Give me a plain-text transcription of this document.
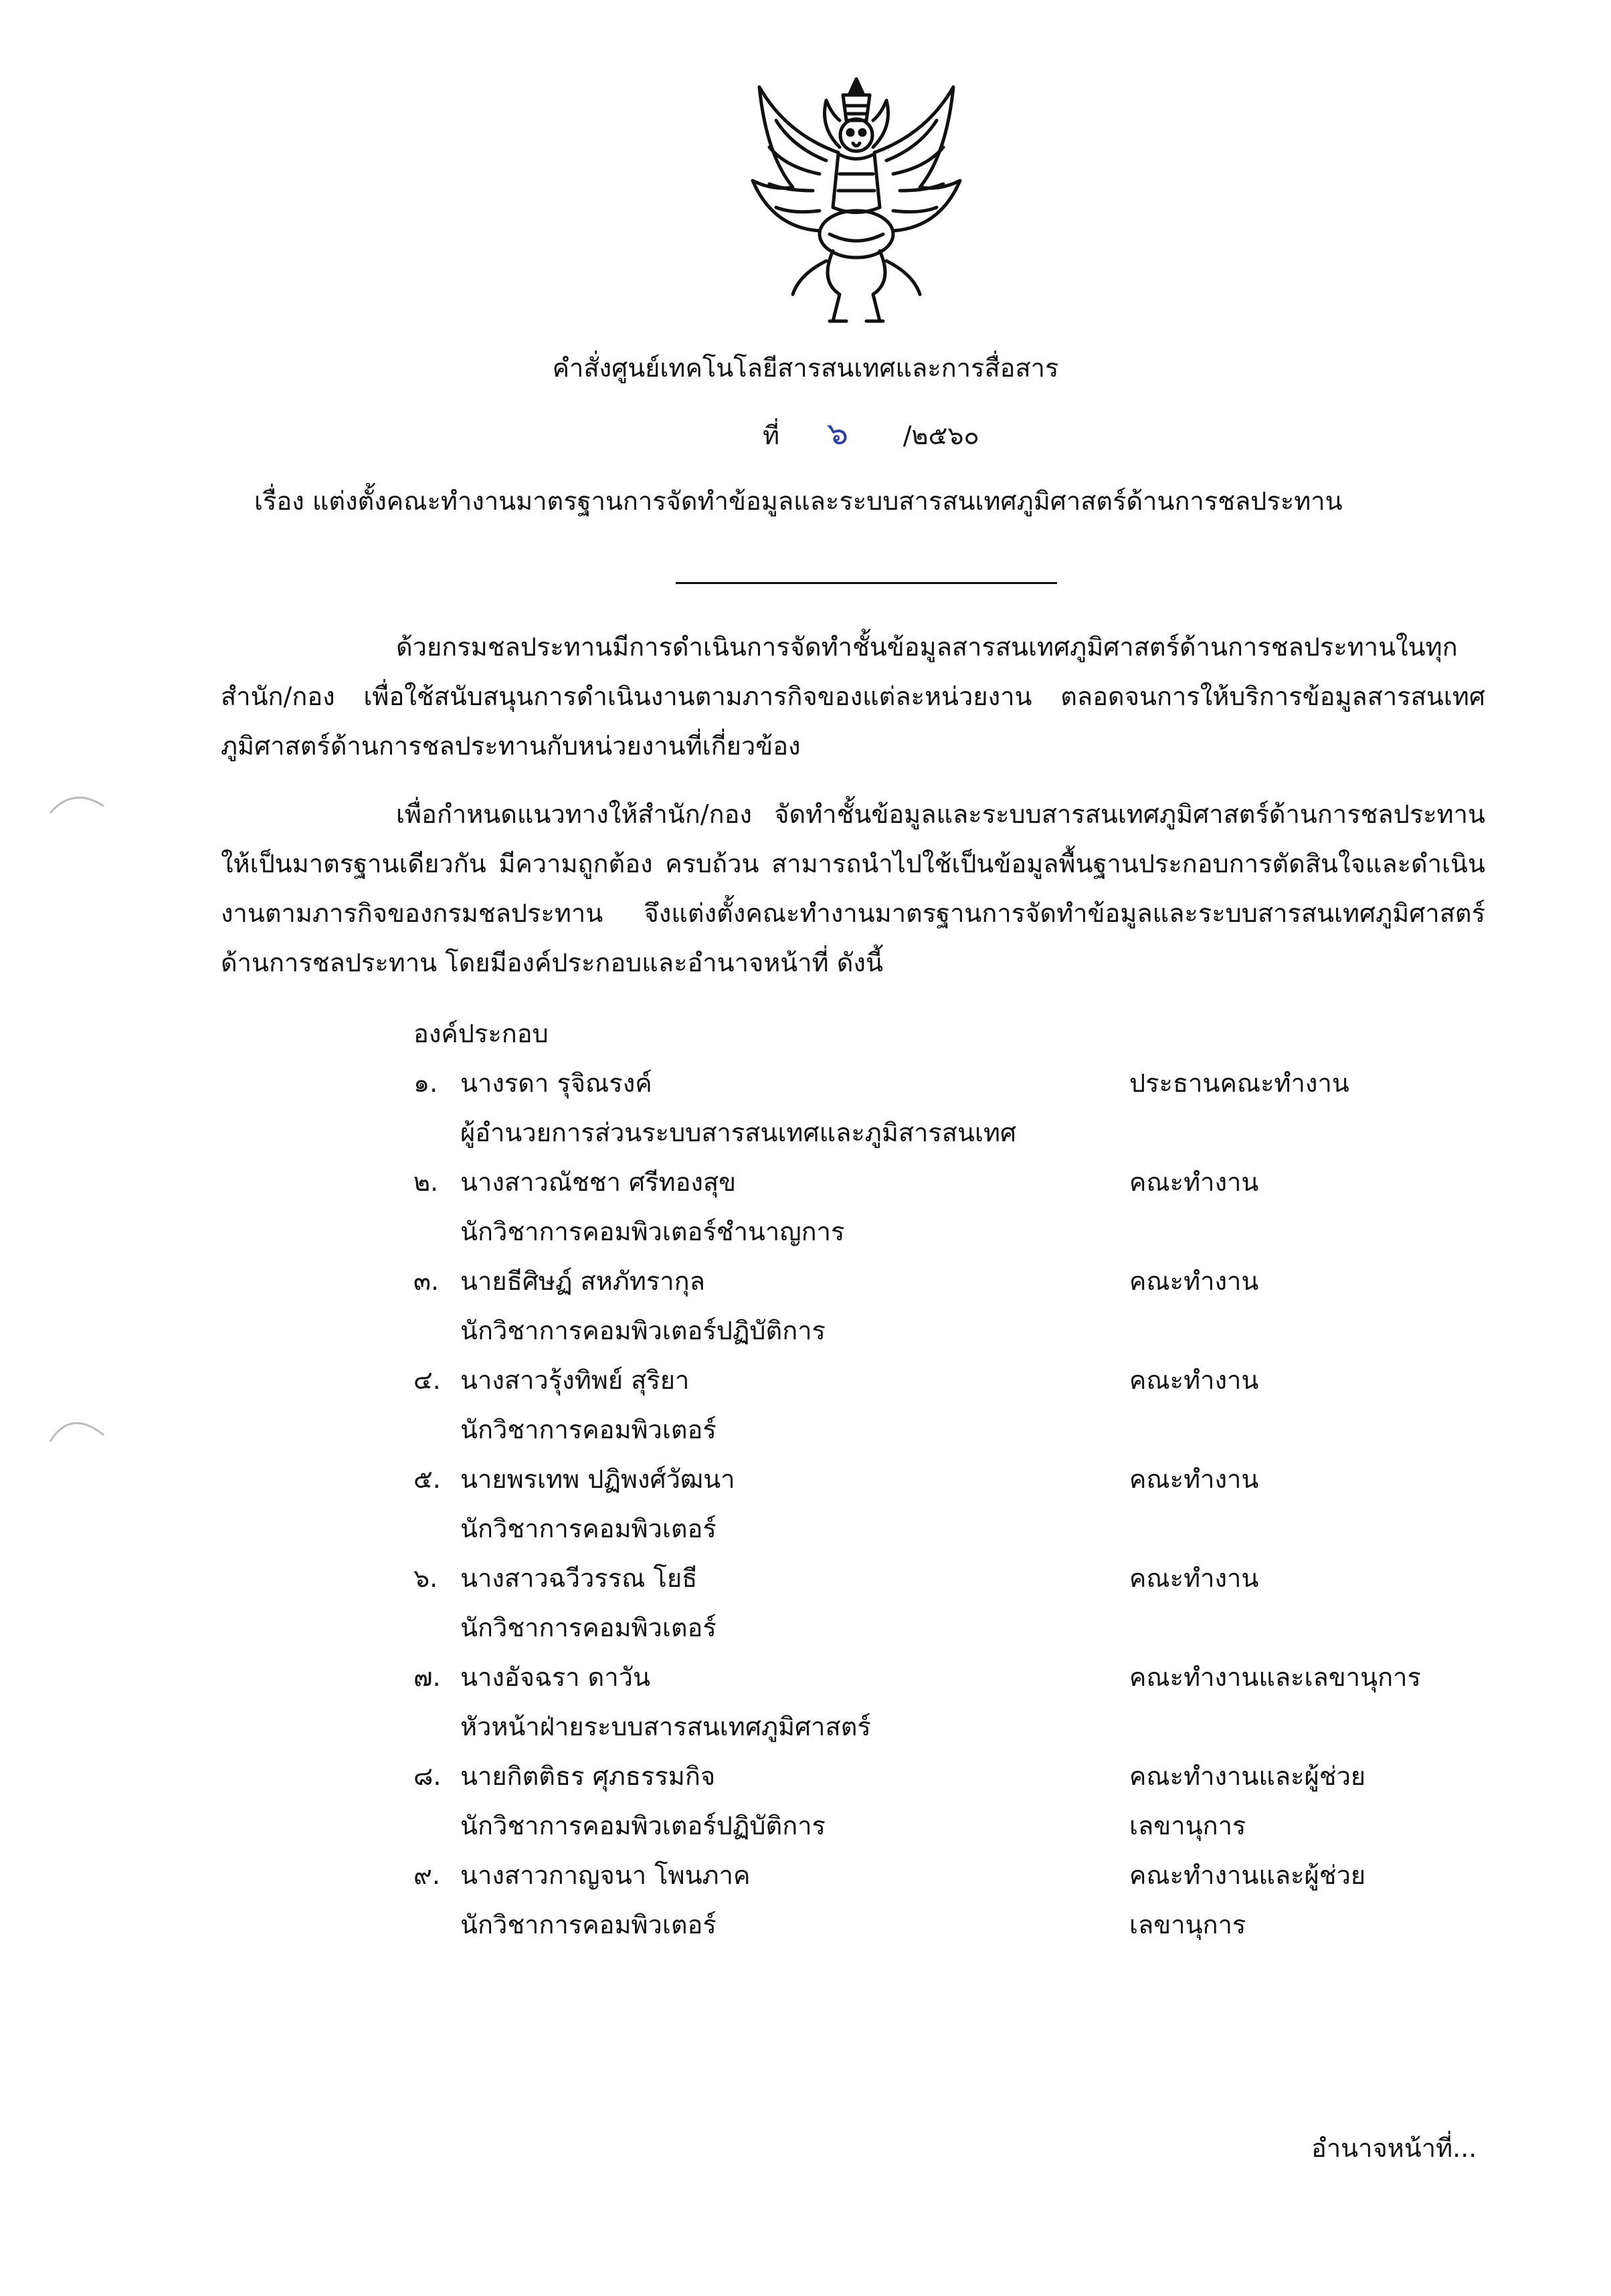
คำสั่งศูนย์เทคโนโลยีสารสนเทศและการสื่อสาร
ที่ ๖ /๒๕๖๐
เรื่อง แต่งตั้งคณะทำงานมาตรฐานการจัดทำข้อมูลและระบบสารสนเทศภูมิศาสตร์ด้านการชลประทาน
ด้วยกรมชลประทานมีการดำเนินการจัดทำชั้นข้อมูลสารสนเทศภูมิศาสตร์ด้านการชลประทานในทุกสำนัก/กอง เพื่อใช้สนับสนุนการดำเนินงานตามภารกิจของแต่ละหน่วยงาน ตลอดจนการให้บริการข้อมูลสารสนเทศภูมิศาสตร์ด้านการชลประทานกับหน่วยงานที่เกี่ยวข้อง
เพื่อกำหนดแนวทางให้สำนัก/กอง จัดทำชั้นข้อมูลและระบบสารสนเทศภูมิศาสตร์ด้านการชลประทานให้เป็นมาตรฐานเดียวกัน มีความถูกต้อง ครบถ้วน สามารถนำไปใช้เป็นข้อมูลพื้นฐานประกอบการตัดสินใจและดำเนินงานตามภารกิจของกรมชลประทาน จึงแต่งตั้งคณะทำงานมาตรฐานการจัดทำข้อมูลและระบบสารสนเทศภูมิศาสตร์ด้านการชลประทาน โดยมีองค์ประกอบและอำนาจหน้าที่ ดังนี้
องค์ประกอบ
๑. นางรดา รุจิณรงค์
ผู้อำนวยการส่วนระบบสารสนเทศและภูมิสารสนเทศ
ประธานคณะทำงาน
๒. นางสาวณัชชา ศรีทองสุข
นักวิชาการคอมพิวเตอร์ชำนาญการ
คณะทำงาน
๓. นายธีศิษฏ์ สหภัทรากุล
นักวิชาการคอมพิวเตอร์ปฏิบัติการ
คณะทำงาน
๔. นางสาวรุ้งทิพย์ สุริยา
นักวิชาการคอมพิวเตอร์
คณะทำงาน
๕. นายพรเทพ ปฏิพงศ์วัฒนา
นักวิชาการคอมพิวเตอร์
คณะทำงาน
๖. นางสาวฉวีวรรณ โยธี
นักวิชาการคอมพิวเตอร์
คณะทำงาน
๗. นางอัจฉรา ดาวัน
หัวหน้าฝ่ายระบบสารสนเทศภูมิศาสตร์
คณะทำงานและเลขานุการ
๘. นายกิตติธร ศุภธรรมกิจ
นักวิชาการคอมพิวเตอร์ปฏิบัติการ
คณะทำงานและผู้ช่วย
เลขานุการ
๙. นางสาวกาญจนา โพนภาค
นักวิชาการคอมพิวเตอร์
คณะทำงานและผู้ช่วย
เลขานุการ
อำนาจหน้าที่...
